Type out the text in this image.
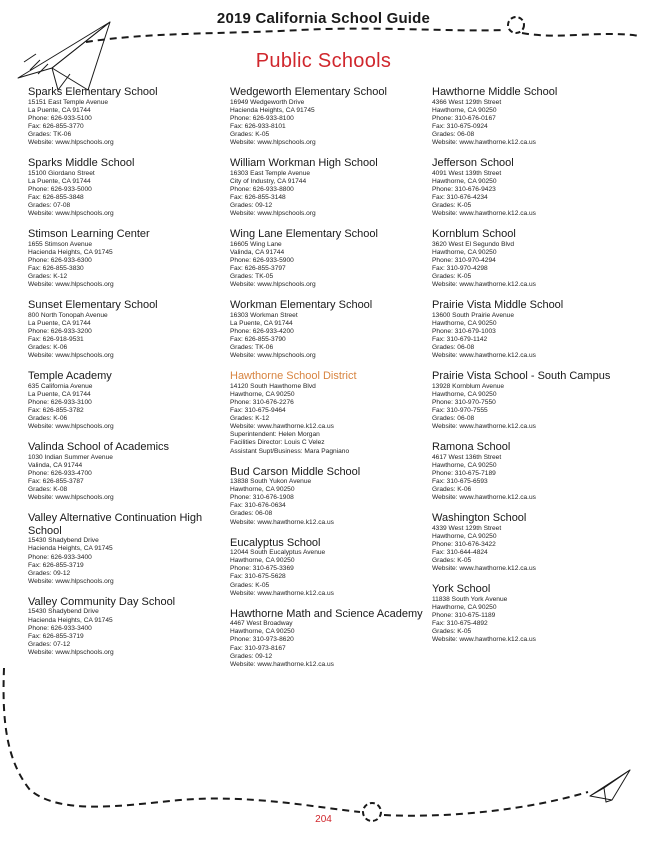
2019 California School Guide
Public Schools
Sparks Elementary School
15151 East Temple Avenue
La Puente, CA 91744
Phone: 626-933-5100
Fax: 626-855-3770
Grades: TK-06
Website: www.hlpschools.org
Sparks Middle School
15100 Giordano Street
La Puente, CA 91744
Phone: 626-933-5000
Fax: 626-855-3848
Grades: 07-08
Website: www.hlpschools.org
Stimson Learning Center
1655 Stimson Avenue
Hacienda Heights, CA 91745
Phone: 626-933-6300
Fax: 626-855-3830
Grades: K-12
Website: www.hlpschools.org
Sunset Elementary School
800 North Tonopah Avenue
La Puente, CA 91744
Phone: 626-933-3200
Fax: 626-918-9531
Grades: K-06
Website: www.hlpschools.org
Temple Academy
635 California Avenue
La Puente, CA 91744
Phone: 626-933-3100
Fax: 626-855-3782
Grades: K-06
Website: www.hlpschools.org
Valinda School of Academics
1030 Indian Summer Avenue
Valinda, CA 91744
Phone: 626-933-4700
Fax: 626-855-3787
Grades: K-08
Website: www.hlpschools.org
Valley Alternative Continuation High School
15430 Shadybend Drive
Hacienda Heights, CA 91745
Phone: 626-933-3400
Fax: 626-855-3719
Grades: 09-12
Website: www.hlpschools.org
Valley Community Day School
15430 Shadybend Drive
Hacienda Heights, CA 91745
Phone: 626-933-3400
Fax: 626-855-3719
Grades: 07-12
Website: www.hlpschools.org
Wedgeworth Elementary School
16949 Wedgeworth Drive
Hacienda Heights, CA 91745
Phone: 626-933-8100
Fax: 626-933-8101
Grades: K-05
Website: www.hlpschools.org
William Workman High School
16303 East Temple Avenue
City of Industry, CA 91744
Phone: 626-933-8800
Fax: 626-855-3148
Grades: 09-12
Website: www.hlpschools.org
Wing Lane Elementary School
16605 Wing Lane
Valinda, CA 91744
Phone: 626-933-5900
Fax: 626-855-3797
Grades: TK-05
Website: www.hlpschools.org
Workman Elementary School
16303 Workman Street
La Puente, CA 91744
Phone: 626-933-4200
Fax: 626-855-3790
Grades: TK-06
Website: www.hlpschools.org
Hawthorne School District
14120 South Hawthorne Blvd
Hawthorne, CA 90250
Phone: 310-676-2276
Fax: 310-675-9464
Grades: K-12
Website: www.hawthorne.k12.ca.us
Superintendent: Helen Morgan
Facilities Director: Louis C Velez
Assistant Supt/Business: Mara Pagniano
Bud Carson Middle School
13838 South Yukon Avenue
Hawthorne, CA 90250
Phone: 310-676-1908
Fax: 310-676-0634
Grades: 06-08
Website: www.hawthorne.k12.ca.us
Eucalyptus School
12044 South Eucalyptus Avenue
Hawthorne, CA 90250
Phone: 310-675-3369
Fax: 310-675-5628
Grades: K-05
Website: www.hawthorne.k12.ca.us
Hawthorne Math and Science Academy
4467 West Broadway
Hawthorne, CA 90250
Phone: 310-973-8620
Fax: 310-973-8167
Grades: 09-12
Website: www.hawthorne.k12.ca.us
Hawthorne Middle School
4366 West 129th Street
Hawthorne, CA 90250
Phone: 310-676-0167
Fax: 310-675-0924
Grades: 06-08
Website: www.hawthorne.k12.ca.us
Jefferson School
4091 West 139th Street
Hawthorne, CA 90250
Phone: 310-676-9423
Fax: 310-676-4234
Grades: K-05
Website: www.hawthorne.k12.ca.us
Kornblum School
3620 West El Segundo Blvd
Hawthorne, CA 90250
Phone: 310-970-4294
Fax: 310-970-4298
Grades: K-05
Website: www.hawthorne.k12.ca.us
Prairie Vista Middle School
13600 South Prairie Avenue
Hawthorne, CA 90250
Phone: 310-679-1003
Fax: 310-679-1142
Grades: 06-08
Website: www.hawthorne.k12.ca.us
Prairie Vista School - South Campus
13928 Kornblum Avenue
Hawthorne, CA 90250
Phone: 310-970-7550
Fax: 310-970-7555
Grades: 06-08
Website: www.hawthorne.k12.ca.us
Ramona School
4617 West 136th Street
Hawthorne, CA 90250
Phone: 310-675-7189
Fax: 310-675-6593
Grades: K-06
Website: www.hawthorne.k12.ca.us
Washington School
4339 West 129th Street
Hawthorne, CA 90250
Phone: 310-676-3422
Fax: 310-644-4824
Grades: K-05
Website: www.hawthorne.k12.ca.us
York School
11838 South York Avenue
Hawthorne, CA 90250
Phone: 310-675-1189
Fax: 310-675-4892
Grades: K-05
Website: www.hawthorne.k12.ca.us
204
